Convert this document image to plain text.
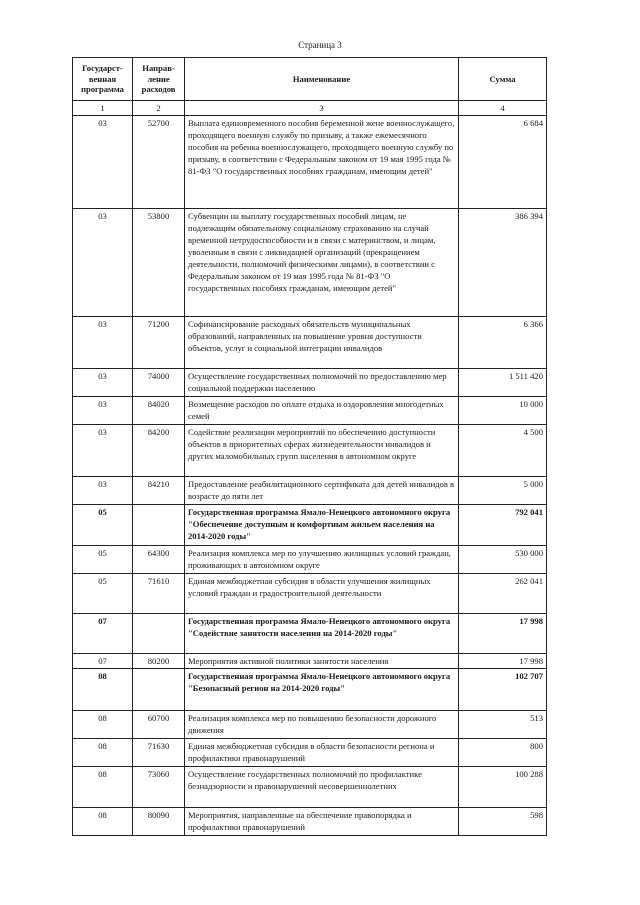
Страница 3
Государст-венная программа	Направ-ление расходов	Наименование	Сумма
1	2	3	4
03	52700	Выплата единовременного пособия беременной жене военнослужащего, проходящего военную службу по призыву, а также ежемесячного пособия на ребенка военнослужащего, проходящего военную службу по призыву, в соответствии с Федеральным законом от 19 мая 1995 года № 81-ФЗ "О государственных пособиях гражданам, имеющим детей"	6 684
03	53800	Субвенции на выплату государственных пособий лицам, не подлежащим обязательному социальному страхованию на случай временной нетрудоспособности и в связи с материнством, и лицам, уволенным в связи с ликвидацией организаций (прекращением деятельности, полномочий физическими лицами), в соответствии с Федеральным законом от 19 мая 1995 года № 81-ФЗ "О государственных пособиях гражданам, имеющим детей"	386 394
03	71200	Софинансирование расходных обязательств муниципальных образований, направленных на повышение уровня доступности объектов, услуг и социальной интеграции инвалидов	6 366
03	74000	Осуществление государственных полномочий по предоставлению мер социальной поддержки населению	1 511 420
03	84020	Возмещение расходов по оплате отдыха и оздоровления многодетных семей	10 000
03	84200	Содействие реализации мероприятий по обеспечению доступности объектов в приоритетных сферах жизнедеятельности инвалидов и других маломобильных групп населения в автономном округе	4 500
03	84210	Предоставление реабилитационного сертификата для детей инвалидов в возрасте до пяти лет	5 000
05		Государственная программа Ямало-Ненецкого автономного округа "Обеспечение доступным и комфортным жильем населения на 2014-2020 годы"	792 041
05	64300	Реализация комплекса мер по улучшению жилищных условий граждан, проживающих в автономном округе	530 000
05	71610	Единая межбюджетная субсидия в области улучшения жилищных условий граждан и градостроительной деятельности	262 041
07		Государственная программа Ямало-Ненецкого автономного округа "Содействие занятости населения на 2014-2020 годы"	17 998
07	80200	Мероприятия активной политики занятости населения	17 998
08		Государственная программа Ямало-Ненецкого автономного округа "Безопасный регион на 2014-2020 годы"	102 707
08	60700	Реализация комплекса мер по повышению безопасности дорожного движения	513
08	71630	Единая межбюджетная субсидия в области безопасности региона и профилактики правонарушений	800
08	73060	Осуществление государственных полномочий по профилактике безнадзорности и правонарушений несовершеннолетних	100 288
08	80090	Мероприятия, направленные на обеспечение правопорядка и профилактики правонарушений	598
